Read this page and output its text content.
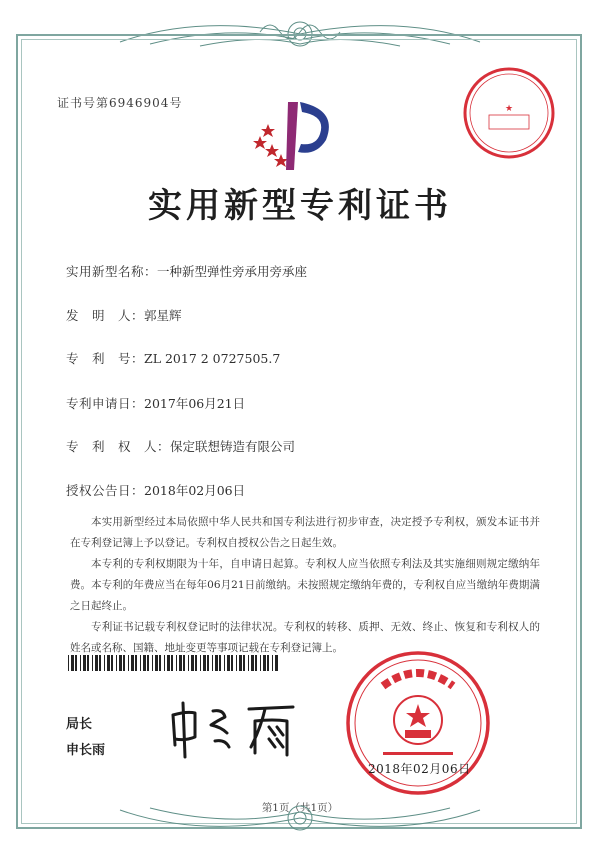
证书号第6946904号	★
实用新型专利证书
实用新型名称：一种新型弹性旁承用旁承座
发　明　人：郭星辉
专　利　号：ZL 2017 2 0727505.7
专利申请日：2017年06月21日
专　利　权　人：保定联想铸造有限公司
授权公告日：2018年02月06日

本实用新型经过本局依照中华人民共和国专利法进行初步审查，决定授予专利权，颁发本证书并在专利登记簿上予以登记。专利权自授权公告之日起生效。

本专利的专利权期限为十年，自申请日起算。专利权人应当依照专利法及其实施细则规定缴纳年费。本专利的年费应当在每年06月21日前缴纳。未按照规定缴纳年费的，专利权自应当缴纳年费期满之日起终止。

专利证书记载专利权登记时的法律状况。专利权的转移、质押、无效、终止、恢复和专利权人的姓名或名称、国籍、地址变更等事项记载在专利登记簿上。

局长
申长雨
2018年02月06日
第1页（共1页）
